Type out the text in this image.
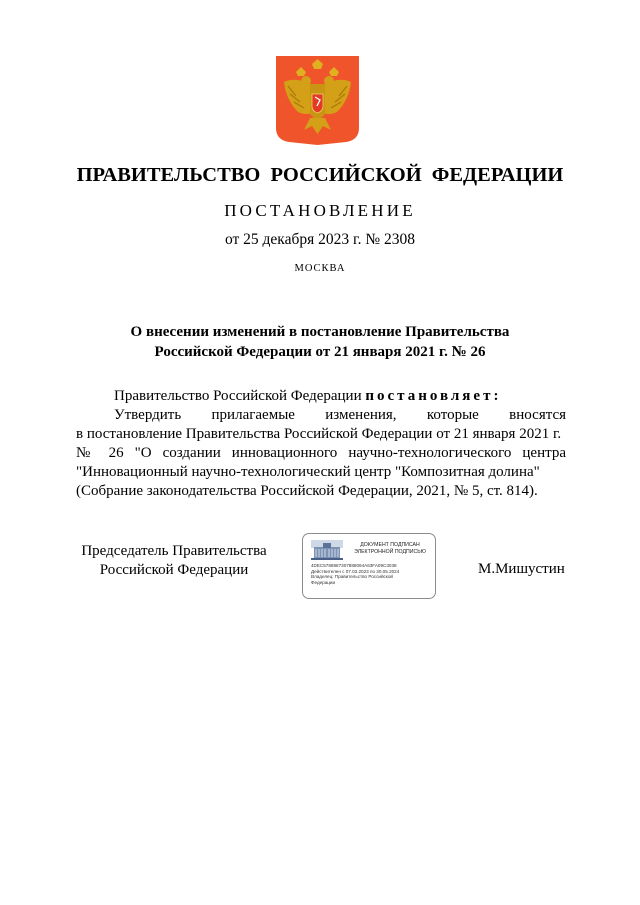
ПРАВИТЕЛЬСТВО РОССИЙСКОЙ ФЕДЕРАЦИИ
ПОСТАНОВЛЕНИЕ
от 25 декабря 2023 г. № 2308
МОСКВА
О внесении изменений в постановление Правительства
Российской Федерации от 21 января 2021 г. № 26
Правительство Российской Федерации постановляет:
Утвердить прилагаемые изменения, которые вносятся
в постановление Правительства Российской Федерации от 21 января 2021 г.
№ 26 "О создании инновационного научно-технологического центра
"Инновационный научно-технологический центр "Композитная долина"
(Собрание законодательства Российской Федерации, 2021, № 5, ст. 814).
Председатель Правительства
Российской Федерации
ДОКУМЕНТ ПОДПИСАН
ЭЛЕКТРОННОЙ ПОДПИСЬЮ
4DEC5788887307888094A63FA09C3038
Действителен с 07.03.2023 по 30.05.2024
Владелец: Правительство Российской
Федерации
М.Мишустин
